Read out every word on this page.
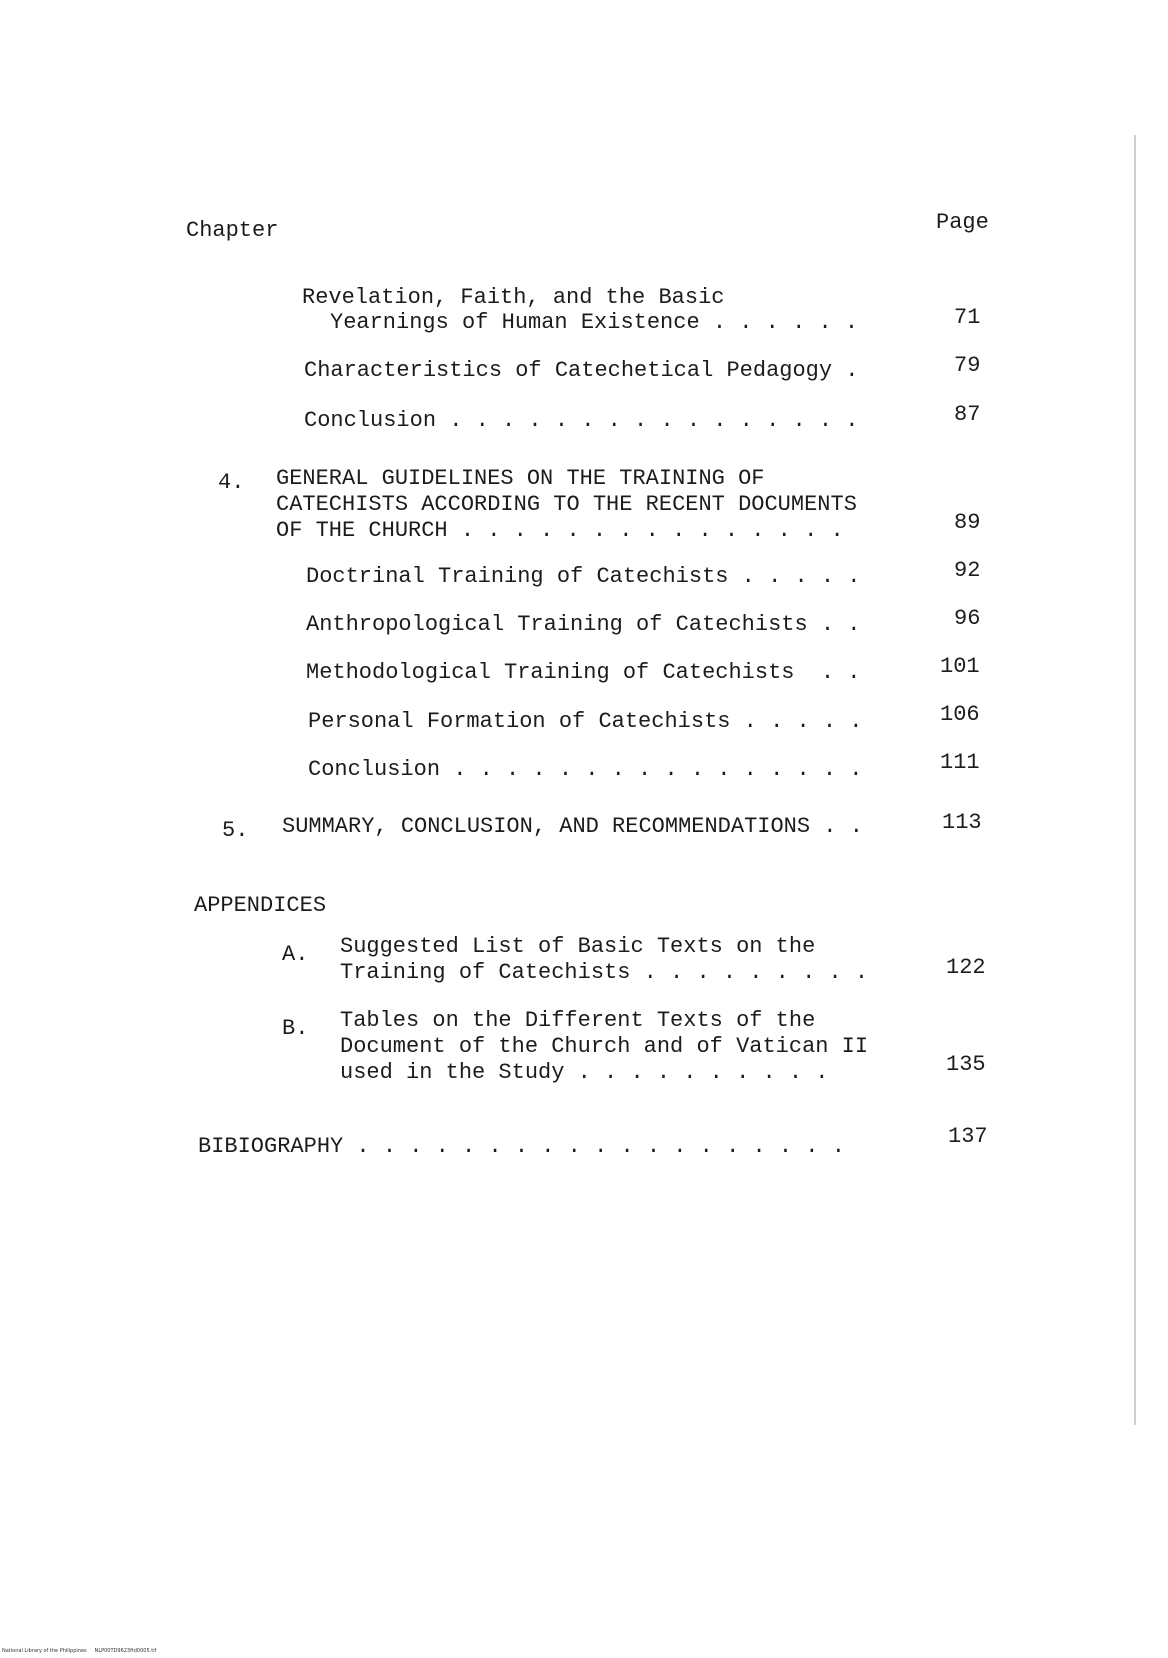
Chapter	Page
Revelation, Faith, and the Basic
Yearnings of Human Existence . . . . . .	71
Characteristics of Catechetical Pedagogy .	79
Conclusion . . . . . . . . . . . . . . . .	87
4. GENERAL GUIDELINES ON THE TRAINING OF
CATECHISTS ACCORDING TO THE RECENT DOCUMENTS
OF THE CHURCH . . . . . . . . . . . . . . .	89
Doctrinal Training of Catechists . . . . .	92
Anthropological Training of Catechists . .	96
Methodological Training of Catechists  . .	101
Personal Formation of Catechists . . . . .	106
Conclusion . . . . . . . . . . . . . . . .	111
5. SUMMARY, CONCLUSION, AND RECOMMENDATIONS . .	113
APPENDICES
A. Suggested List of Basic Texts on the
Training of Catechists . . . . . . . . .	122
B. Tables on the Different Texts of the
Document of the Church and of Vatican II
used in the Study . . . . . . . . . .	135
BIBIOGRAPHY . . . . . . . . . . . . . . . . . . .	137
National Library of the Philippines     NLP00TD9623ftd0005.tif
